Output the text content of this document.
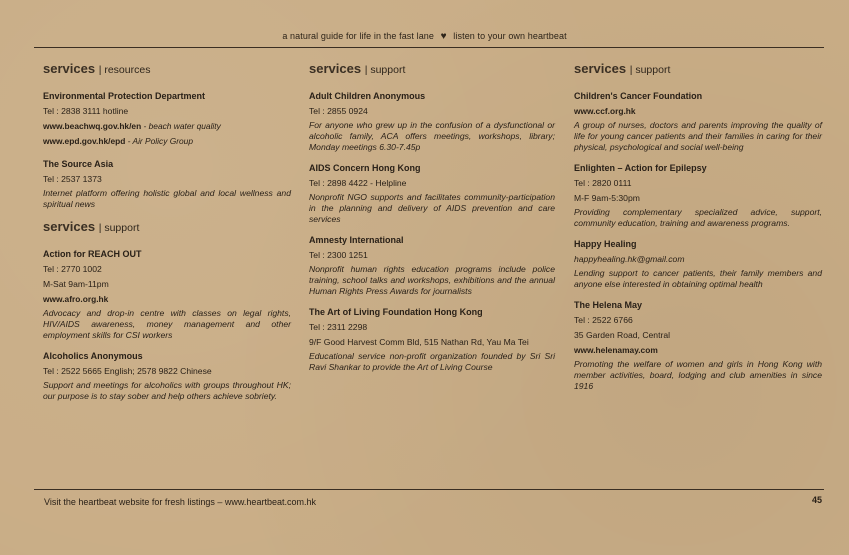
a natural guide for life in the fast lane ♥ listen to your own heartbeat
services | resources
Environmental Protection Department
Tel : 2838 3111 hotline
www.beachwq.gov.hk/en - beach water quality
www.epd.gov.hk/epd - Air Policy Group
The Source Asia
Tel : 2537 1373
Internet platform offering holistic global and local wellness and spiritual news
services | support
Action for REACH OUT
Tel : 2770 1002
M-Sat 9am-11pm
www.afro.org.hk
Advocacy and drop-in centre with classes on legal rights, HIV/AIDS awareness, money management and other employment skills for CSI workers
Alcoholics Anonymous
Tel : 2522 5665 English; 2578 9822 Chinese
Support and meetings for alcoholics with groups throughout HK; our purpose is to stay sober and help others achieve sobriety.
services | support
Adult Children Anonymous
Tel : 2855 0924
For anyone who grew up in the confusion of a dysfunctional or alcoholic family, ACA offers meetings, workshops, library; Monday meetings 6.30-7.45p
AIDS Concern Hong Kong
Tel : 2898 4422 - Helpline
Nonprofit NGO supports and facilitates community-participation in the planning and delivery of AIDS prevention and care services
Amnesty International
Tel : 2300 1251
Nonprofit human rights education programs include police training, school talks and workshops, exhibitions and the annual Human Rights Press Awards for journalists
The Art of Living Foundation Hong Kong
Tel : 2311 2298
9/F Good Harvest Comm Bld, 515 Nathan Rd, Yau Ma Tei
Educational service non-profit organization founded by Sri Sri Ravi Shankar to provide the Art of Living Course
services | support
Children's Cancer Foundation
www.ccf.org.hk
A group of nurses, doctors and parents improving the quality of life for young cancer patients and their families in caring for their physical, psychological and social well-being
Enlighten – Action for Epilepsy
Tel : 2820 0111
M-F 9am-5:30pm
Providing complementary specialized advice, support, community education, training and awareness programs.
Happy Healing
happyhealing.hk@gmail.com
Lending support to cancer patients, their family members and anyone else interested in obtaining optimal health
The Helena May
Tel : 2522 6766
35 Garden Road, Central
www.helenamay.com
Promoting the welfare of women and girls in Hong Kong with member activities, board, lodging and club amenities in since 1916
Visit the heartbeat website for fresh listings – www.heartbeat.com.hk	45
